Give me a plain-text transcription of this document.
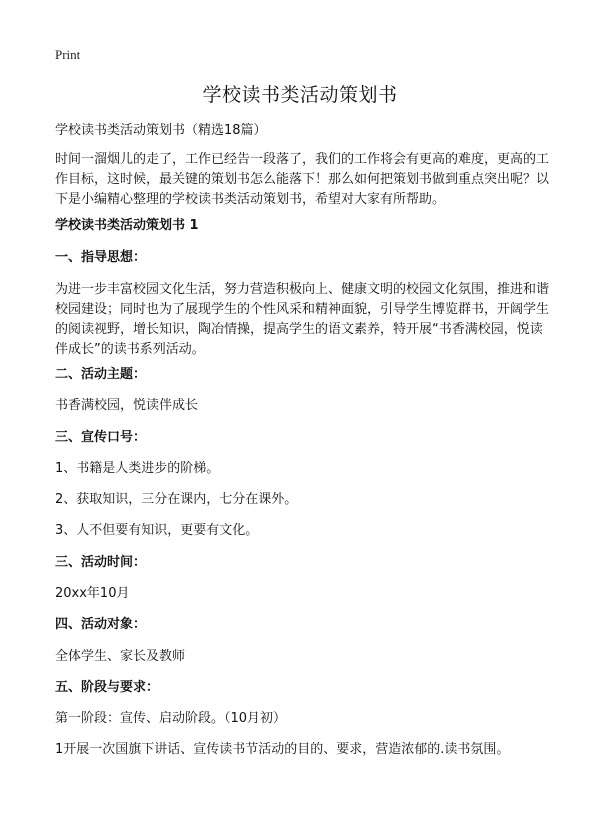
Print
学校读书类活动策划书
学校读书类活动策划书（精选18篇）
时间一溜烟儿的走了，工作已经告一段落了，我们的工作将会有更高的难度，更高的工作目标，这时候，最关键的策划书怎么能落下！那么如何把策划书做到重点突出呢？以下是小编精心整理的学校读书类活动策划书，希望对大家有所帮助。
学校读书类活动策划书 1
一、指导思想：
为进一步丰富校园文化生活，努力营造积极向上、健康文明的校园文化氛围，推进和谐校园建设；同时也为了展现学生的个性风采和精神面貌，引导学生博览群书，开阔学生的阅读视野，增长知识，陶冶情操，提高学生的语文素养，特开展“书香满校园，悦读伴成长”的读书系列活动。
二、活动主题：
书香满校园，悦读伴成长
三、宣传口号：
1、书籍是人类进步的阶梯。
2、获取知识，三分在课内，七分在课外。
3、人不但要有知识，更要有文化。
三、活动时间：
20xx年10月
四、活动对象：
全体学生、家长及教师
五、阶段与要求：
第一阶段：宣传、启动阶段。（10月初）
1开展一次国旗下讲话、宣传读书节活动的目的、要求，营造浓郁的.读书氛围。
